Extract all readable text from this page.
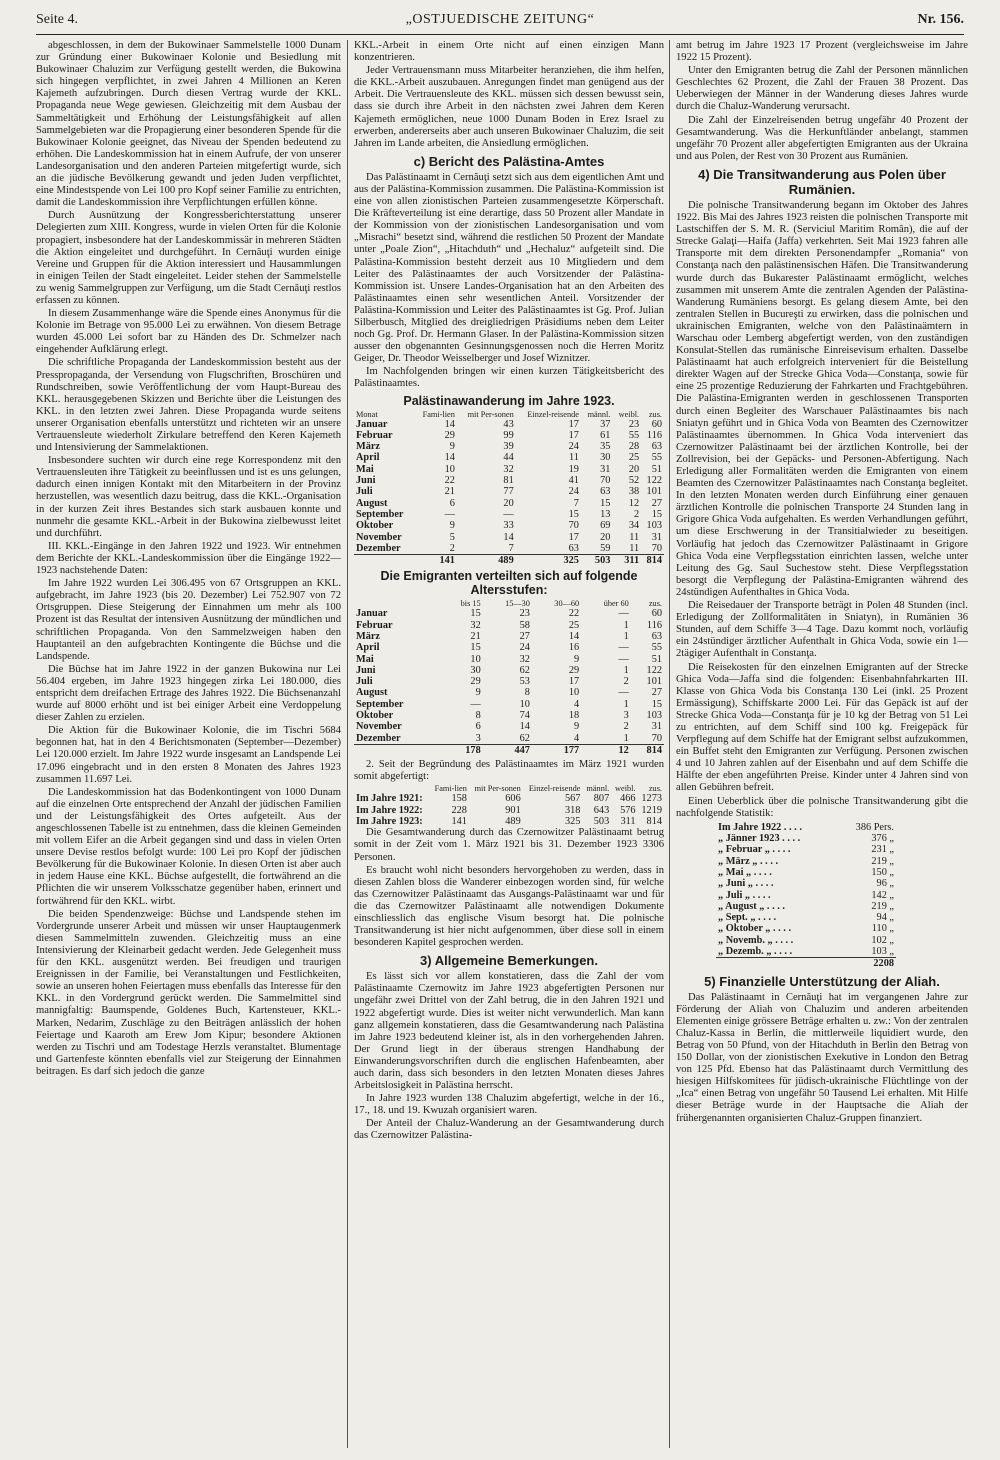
Seite 4.	„OSTJUEDISCHE ZEITUNG“	Nr. 156.

abgeschlossen, in dem der Bukowinaer Sammelstelle 1000 Dunam zur Gründung einer Bukowinaer Kolonie und Besiedlung mit Bukowinaer Chaluzim zur Verfügung gestellt werden, die Bukowina sich hingegen verpflichtet, in zwei Jahren 4 Millionen an Keren Kajemeth aufzubringen. Durch diesen Vertrag wurde der KKL. Propaganda neue Wege gewiesen. Gleichzeitig mit dem Ausbau der Sammeltätigkeit und Erhöhung der Leistungsfähigkeit auf allen Sammelgebieten war die Propagierung einer besonderen Spende für die Bukowinaer Kolonie geeignet, das Niveau der Spenden bedeutend zu erhöhen. Die Landeskommission hat in einem Aufrufe, der von unserer Landesorganisation und den anderen Parteien mitgefertigt wurde, sich an die jüdische Bevölkerung gewandt und jeden Juden verpflichtet, eine Mindestspende von Lei 100 pro Kopf seiner Familie zu entrichten, damit die Landeskommission ihre Verpflichtungen erfüllen könne.

Durch Ausnützung der Kongressberichterstattung unserer Delegierten zum XIII. Kongress, wurde in vielen Orten für die Kolonie propagiert, insbesondere hat der Landeskommissär in mehreren Städten die Aktion eingeleitet und durchgeführt. In Cernăuţi wurden einige Vereine und Gruppen für die Aktion interessiert und Hausammlungen in einigen Teilen der Stadt eingeleitet. Leider stehen der Sammelstelle zu wenig Sammelgruppen zur Verfügung, um die Stadt Cernăuţi restlos erfassen zu können.

In diesem Zusammenhange wäre die Spende eines Anonymus für die Kolonie im Betrage von 95.000 Lei zu erwähnen. Von diesem Betrage wurden 45.000 Lei sofort bar zu Händen des Dr. Schmelzer nach eingehender Aufklärung erlegt.

Die schriftliche Propaganda der Landeskommission besteht aus der Presspropaganda, der Versendung von Flugschriften, Broschüren und Rundschreiben, sowie Veröffentlichung der vom Haupt-Bureau des KKL. herausgegebenen Skizzen und Berichte über die Leistungen des KKL. in den letzten zwei Jahren. Diese Propaganda wurde seitens unserer Organisation ebenfalls unterstützt und richteten wir an unsere Vertrauensleute wiederholt Zirkulare betreffend den Keren Kajemeth und Intensivierung der Sammelaktionen.

Insbesondere suchten wir durch eine rege Korrespondenz mit den Vertrauensleuten ihre Tätigkeit zu beeinflussen und ist es uns gelungen, dadurch einen innigen Kontakt mit den Mitarbeitern in der Provinz herzustellen, was wesentlich dazu beitrug, dass die KKL.-Organisation in der kurzen Zeit ihres Bestandes sich stark ausbauen konnte und nunmehr die gesamte KKL.-Arbeit in der Bukowina zielbewusst leitet und durchführt.

III. KKL.-Eingänge in den Jahren 1922 und 1923. Wir entnehmen dem Berichte der KKL.-Landeskommission über die Eingänge 1922—1923 nachstehende Daten:

Im Jahre 1922 wurden Lei 306.495 von 67 Ortsgruppen an KKL. aufgebracht, im Jahre 1923 (bis 20. Dezember) Lei 752.907 von 72 Ortsgruppen. Diese Steigerung der Einnahmen um mehr als 100 Prozent ist das Resultat der intensiven Ausnützung der mündlichen und schriftlichen Propaganda. Von den Sammelzweigen haben den Hauptanteil an den aufgebrachten Kontingente die Büchse und die Landspende.

Die Büchse hat im Jahre 1922 in der ganzen Bukowina nur Lei 56.404 ergeben, im Jahre 1923 hingegen zirka Lei 180.000, dies entspricht dem dreifachen Ertrage des Jahres 1922. Die Büchsenanzahl wurde auf 8000 erhöht und ist bei einiger Arbeit eine Verdoppelung dieser Zahlen zu erzielen.

Die Aktion für die Bukowinaer Kolonie, die im Tischri 5684 begonnen hat, hat in den 4 Berichtsmonaten (September—Dezember) Lei 120.000 erzielt. Im Jahre 1922 wurde insgesamt an Landspende Lei 17.096 eingebracht und in den ersten 8 Monaten des Jahres 1923 zusammen 11.697 Lei.

Die Landeskommission hat das Bodenkontingent von 1000 Dunam auf die einzelnen Orte entsprechend der Anzahl der jüdischen Familien und der Leistungsfähigkeit des Ortes aufgeteilt. Aus der angeschlossenen Tabelle ist zu entnehmen, dass die kleinen Gemeinden mit vollem Eifer an die Arbeit gegangen sind und dass in vielen Orten unsere Devise restlos befolgt wurde: 100 Lei pro Kopf der jüdischen Bevölkerung für die Bukowinaer Kolonie. In diesen Orten ist aber auch in jedem Hause eine KKL. Büchse aufgestellt, die fortwährend an die Pflichten die wir unserem Volksschatze gegenüber haben, erinnert und fortwährend für den KKL. wirbt.

Die beiden Spendenzweige: Büchse und Landspende stehen im Vordergrunde unserer Arbeit und müssen wir unser Hauptaugenmerk diesen Sammelmitteln zuwenden. Gleichzeitig muss an eine Intensivierung der Kleinarbeit gedacht werden. Jede Gelegenheit muss für den KKL. ausgenützt werden. Bei freudigen und traurigen Ereignissen in der Familie, bei Veranstaltungen und Festlichkeiten, sowie an unseren hohen Feiertagen muss ebenfalls das Interesse für den KKL. in den Vordergrund gerückt werden. Die Sammelmittel sind mannigfaltig: Baumspende, Goldenes Buch, Kartensteuer, KKL.-Marken, Nedarim, Zuschläge zu den Beiträgen anlässlich der hohen Feiertage und Kaaroth am Erew Jom Kipur; besondere Aktionen werden zu Tischri und am Todestage Herzls veranstaltet. Blumentage und Gartenfeste könnten ebenfalls viel zur Steigerung der Einnahmen beitragen. Es darf sich jedoch die ganze

KKL.-Arbeit in einem Orte nicht auf einen einzigen Mann konzentrieren.

Jeder Vertrauensmann muss Mitarbeiter heranziehen, die ihm helfen, die KKL.-Arbeit auszubauen. Anregungen findet man genügend aus der Arbeit. Die Vertrauensleute des KKL. müssen sich dessen bewusst sein, dass sie durch ihre Arbeit in den nächsten zwei Jahren dem Keren Kajemeth ermöglichen, neue 1000 Dunam Boden in Erez Israel zu erwerben, andererseits aber auch unseren Bukowinaer Chaluzim, die seit Jahren im Lande arbeiten, die Ansiedlung ermöglichen.

c) Bericht des Palästina-Amtes

Das Palästinaamt in Cernăuţi setzt sich aus dem eigentlichen Amt und aus der Palästina-Kommission zusammen. Die Palästina-Kommission ist eine von allen zionistischen Parteien zusammengesetzte Körperschaft. Die Kräfteverteilung ist eine derartige, dass 50 Prozent aller Mandate in der Kommission von der zionistischen Landesorganisation und vom „Misrachi“ besetzt sind, während die restlichen 50 Prozent der Mandate unter „Poale Zion“, „Hitachduth“ und „Hechaluz“ aufgeteilt sind. Die Palästina-Kommission besteht derzeit aus 10 Mitgliedern und dem Leiter des Palästinaamtes der auch Vorsitzender der Palästina-Kommission ist. Unsere Landes-Organisation hat an den Arbeiten des Palästinaamtes einen sehr wesentlichen Anteil. Vorsitzender der Palästina-Kommission und Leiter des Palästinaamtes ist Gg. Prof. Julian Silberbusch, Mitglied des dreigliedrigen Präsidiums neben dem Leiter noch Gg. Prof. Dr. Hermann Glaser. In der Palästina-Kommission sitzen ausser den obgenannten Gesinnungsgenossen noch die Herren Moritz Geiger, Dr. Theodor Weisselberger und Josef Wiznitzer.

Im Nachfolgenden bringen wir einen kurzen Tätigkeitsbericht des Palästinaamtes.

Palästinawanderung im Jahre 1923.
Monat	Fami-lien	mit Per-sonen	Einzel-reisende	männl.	weibl.	zus.
Januar	14	43	17	37	23	60
Februar	29	99	17	61	55	116
März	9	39	24	35	28	63
April	14	44	11	30	25	55
Mai	10	32	19	31	20	51
Juni	22	81	41	70	52	122
Juli	21	77	24	63	38	101
August	6	20	7	15	12	27
September	—	—	15	13	2	15
Oktober	9	33	70	69	34	103
November	5	14	17	20	11	31
Dezember	2	7	63	59	11	70
	141	489	325	503	311	814
Die Emigranten verteilten sich auf folgende Altersstufen:
	bis 15	15—30	30—60	über 60	zus.
Januar	15	23	22	—	60
Februar	32	58	25	1	116
März	21	27	14	1	63
April	15	24	16	—	55
Mai	10	32	9	—	51
Juni	30	62	29	1	122
Juli	29	53	17	2	101
August	9	8	10	—	27
September	—	10	4	1	15
Oktober	8	74	18	3	103
November	6	14	9	2	31
Dezember	3	62	4	1	70
	178	447	177	12	814

2. Seit der Begründung des Palästinaamtes im März 1921 wurden somit abgefertigt:

	Fami-lien	mit Per-sonen	Einzel-reisende	männl.	weibl.	zus.
Im Jahre 1921:	158	606	567	807	466	1273
Im Jahre 1922:	228	901	318	643	576	1219
Im Jahre 1923:	141	489	325	503	311	814

Die Gesamtwanderung durch das Czernowitzer Palästinaamt betrug somit in der Zeit vom 1. März 1921 bis 31. Dezember 1923 3306 Personen.

Es braucht wohl nicht besonders hervorgehoben zu werden, dass in diesen Zahlen bloss die Wanderer einbezogen worden sind, für welche das Czernowitzer Palästinaamt das Ausgangs-Palästinaamt war und für die das Czernowitzer Palästinaamt alle notwendigen Dokumente einschliesslich das englische Visum besorgt hat. Die polnische Transitwanderung ist hier nicht aufgenommen, über diese soll in einem besonderen Kapitel gesprochen werden.

3) Allgemeine Bemerkungen.

Es lässt sich vor allem konstatieren, dass die Zahl der vom Palästinaamte Czernowitz im Jahre 1923 abgefertigten Personen nur ungefähr zwei Drittel von der Zahl betrug, die in den Jahren 1921 und 1922 abgefertigt wurde. Dies ist weiter nicht verwunderlich. Man kann ganz allgemein konstatieren, dass die Gesamtwanderung nach Palästina im Jahre 1923 bedeutend kleiner ist, als in den vorhergehenden Jahren. Der Grund liegt in der überaus strengen Handhabung der Einwanderungsvorschriften durch die englischen Hafenbeamten, aber auch darin, dass sich besonders in den letzten Monaten dieses Jahres Arbeitslosigkeit in Palästina herrscht.

In Jahre 1923 wurden 138 Chaluzim abgefertigt, welche in der 16., 17., 18. und 19. Kwuzah organisiert waren.

Der Anteil der Chaluz-Wanderung an der Gesamtwanderung durch das Czernowitzer Palästina-

amt betrug im Jahre 1923 17 Prozent (vergleichsweise im Jahre 1922 15 Prozent).

Unter den Emigranten betrug die Zahl der Personen männlichen Geschlechtes 62 Prozent, die Zahl der Frauen 38 Prozent. Das Ueberwiegen der Männer in der Wanderung dieses Jahres wurde durch die Chaluz-Wanderung verursacht.

Die Zahl der Einzelreisenden betrug ungefähr 40 Prozent der Gesamtwanderung. Was die Herkunftländer anbelangt, stammen ungefähr 70 Prozent aller abgefertigten Emigranten aus der Ukraina und aus Polen, der Rest von 30 Prozent aus Rumänien.

4) Die Transitwanderung aus Polen über Rumänien.

Die polnische Transitwanderung begann im Oktober des Jahres 1922. Bis Mai des Jahres 1923 reisten die polnischen Transporte mit Lastschiffen der S. M. R. (Serviciul Maritim Român), die auf der Strecke Galaţi—Haifa (Jaffa) verkehrten. Seit Mai 1923 fahren alle Transporte mit dem direkten Personendampfer „Romania“ von Constanţa nach den palästinensischen Häfen. Die Transitwanderung wurde durch das Bukarester Palästinaamt ermöglicht, welches zusammen mit unserem Amte die zentralen Agenden der Palästina-Wanderung Rumäniens besorgt. Es gelang diesem Amte, bei den zentralen Stellen in Bucureşti zu erwirken, dass die polnischen und ukrainischen Emigranten, welche von den Palästinaämtern in Warschau oder Lemberg abgefertigt werden, von den zuständigen Konsulat-Stellen das rumänische Einreisevisum erhalten. Dasselbe Palästinaamt hat auch erfolgreich interveniert für die Beistellung direkter Wagen auf der Strecke Ghica Voda—Constanţa, sowie für eine 25 prozentige Reduzierung der Fahrkarten und Frachtgebühren. Die Palästina-Emigranten werden in geschlossenen Transporten durch einen Begleiter des Warschauer Palästinaamtes bis nach Sniatyn geführt und in Ghica Voda von Beamten des Czernowitzer Palästinaamtes übernommen. In Ghica Voda interveniert das Czernowitzer Palästinaamt bei der ärztlichen Kontrolle, bei der Zollrevision, bei der Gepäcks- und Personen-Abfertigung. Nach Erledigung aller Formalitäten werden die Emigranten von einem Beamten des Czernowitzer Palästinaamtes nach Constanţa begleitet. In den letzten Monaten werden durch Einführung einer genauen ärztlichen Kontrolle die polnischen Transporte 24 Stunden lang in Grigore Ghica Voda aufgehalten. Es werden Verhandlungen geführt, um diese Erschwerung in der Transitialwieder zu beseitigen. Vorläufig hat jedoch das Czernowitzer Palästinaamt in Grigore Ghica Voda eine Verpflegsstation einrichten lassen, welche unter Leitung des Gg. Saul Suchestow steht. Diese Verpflegsstation besorgt die Verpflegung der Palästina-Emigranten während des 24stündigen Aufenthaltes in Ghica Voda.

Die Reisedauer der Transporte beträgt in Polen 48 Stunden (incl. Erledigung der Zollformalitäten in Sniatyn), in Rumänien 36 Stunden, auf dem Schiffe 3—4 Tage. Dazu kommt noch, vorläufig ein 24stündiger ärztlicher Aufenthalt in Ghica Voda, sowie ein 1—2tägiger Aufenthalt in Constanţa.

Die Reisekosten für den einzelnen Emigranten auf der Strecke Ghica Voda—Jaffa sind die folgenden: Eisenbahnfahrkarten III. Klasse von Ghica Voda bis Constanţa 130 Lei (inkl. 25 Prozent Ermässigung), Schiffskarte 2000 Lei. Für das Gepäck ist auf der Strecke Ghica Voda—Constanţa für je 10 kg der Betrag von 51 Lei zu entrichten, auf dem Schiff sind 100 kg. Freigepäck für Verpflegung auf dem Schiffe hat der Emigrant selbst aufzukommen, ein Buffet steht den Emigranten zur Verfügung. Personen zwischen 4 und 10 Jahren zahlen auf der Eisenbahn und auf dem Schiffe die Hälfte der eben angeführten Preise. Kinder unter 4 Jahren sind von allen Gebühren befreit.

Einen Ueberblick über die polnische Transitwanderung gibt die nachfolgende Statistik:

Im Jahre 1922 . . . .	386 Pers.
„ Jänner 1923 . . . .	376 „
„ Februar „ . . . .	231 „
„ März „ . . . .	219 „
„ Mai „ . . . .	150 „
„ Juni „ . . . .	96 „
„ Juli „ . . . .	142 „
„ August „ . . . .	219 „
„ Sept. „ . . . .	94 „
„ Oktober „ . . . .	110 „
„ Novemb. „ . . . .	102 „
„ Dezemb. „ . . . .	103 „
	2208
5) Finanzielle Unterstützung der Aliah.

Das Palästinaamt in Cernăuţi hat im vergangenen Jahre zur Förderung der Aliah von Chaluzim und anderen arbeitenden Elementen einige grössere Beträge erhalten u. zw.: Von der zentralen Chaluz-Kassa in Berlin, die mittlerweile liquidiert wurde, den Betrag von 50 Pfund, von der Hitachduth in Berlin den Betrag von 150 Dollar, von der zionistischen Exekutive in London den Betrag von 125 Pfd. Ebenso hat das Palästinaamt durch Vermittlung des hiesigen Hilfskomitees für jüdisch-ukrainische Flüchtlinge von der „Ica“ einen Betrag von ungefähr 50 Tausend Lei erhalten. Mit Hilfe dieser Beträge wurde in der Hauptsache die Aliah der frühergenannten organisierten Chaluz-Gruppen finanziert.
